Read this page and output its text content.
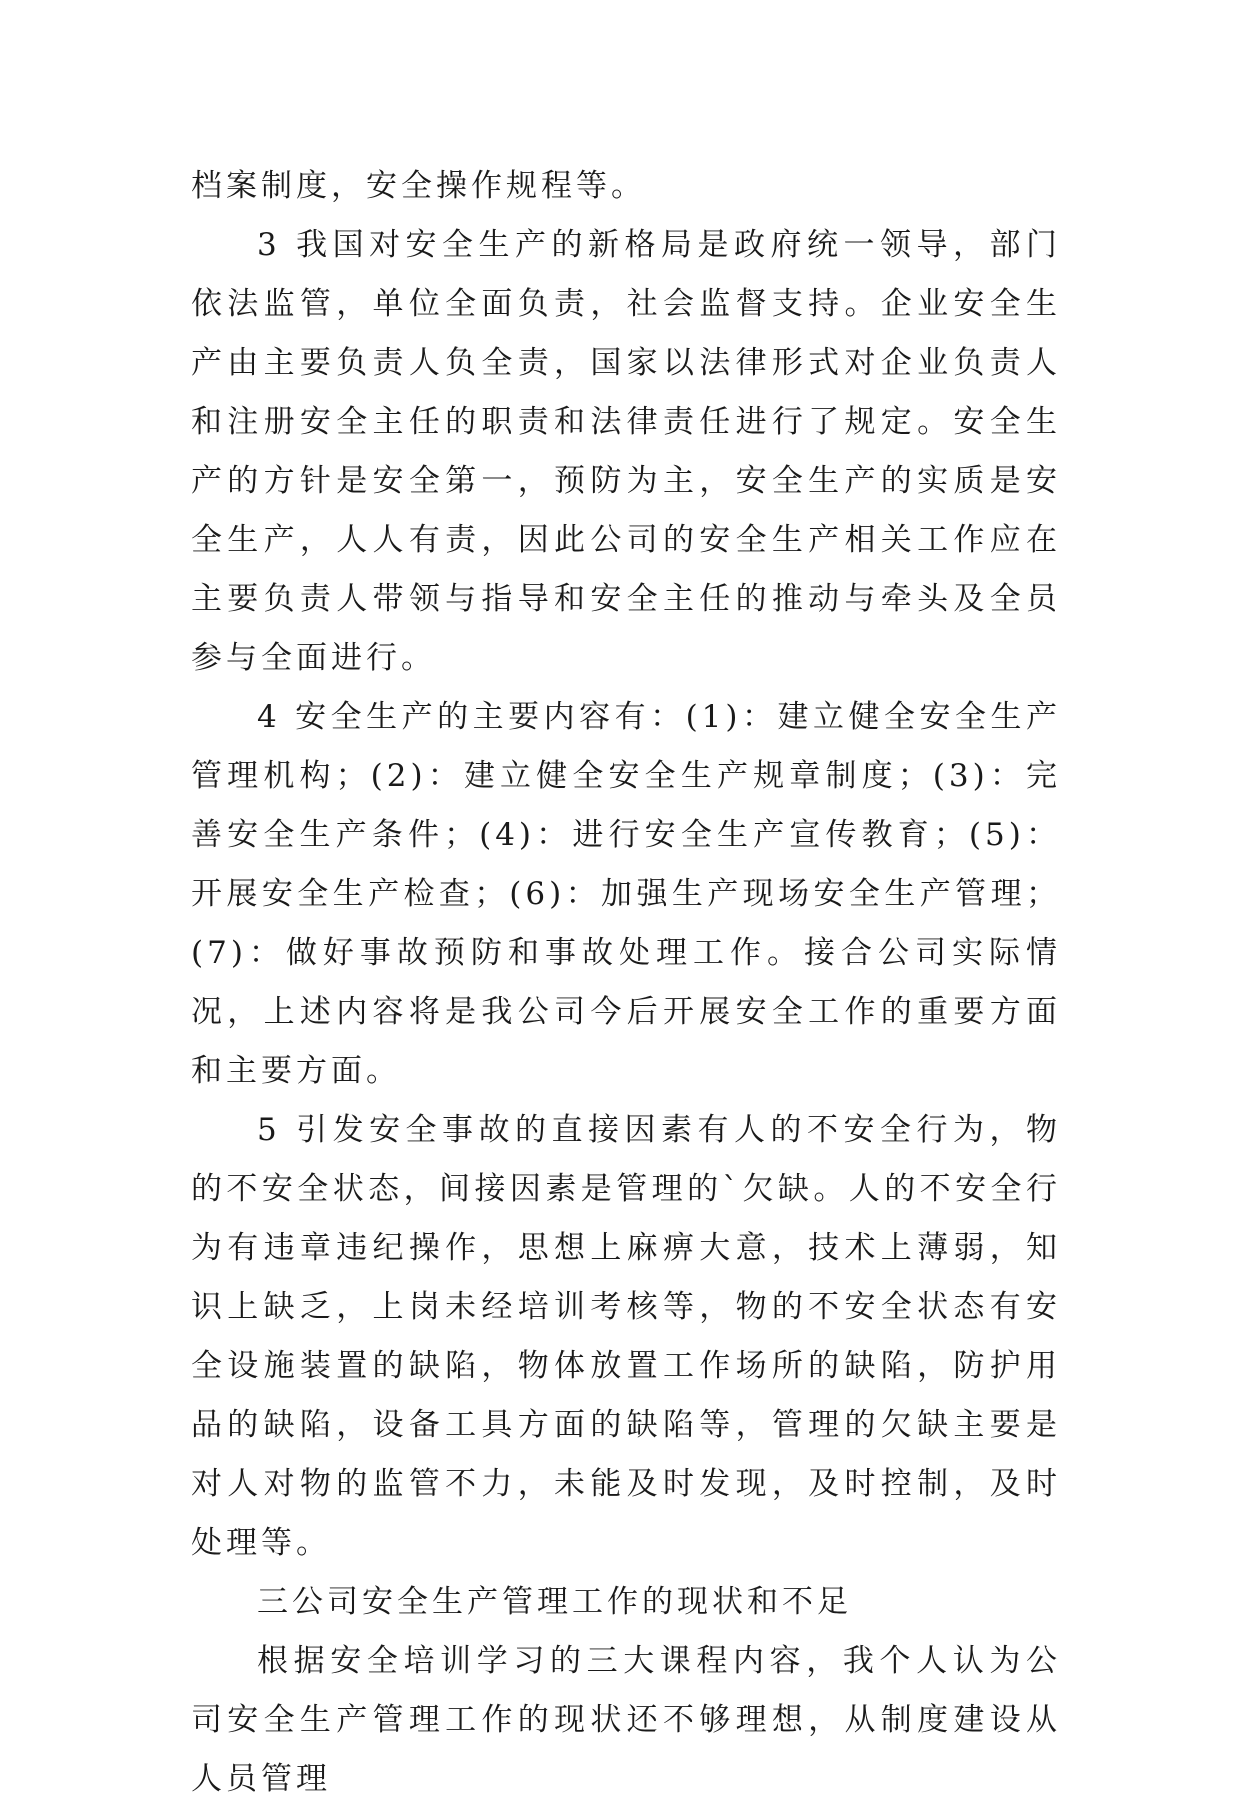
档案制度，安全操作规程等。

3 我国对安全生产的新格局是政府统一领导，部门依法监管，单位全面负责，社会监督支持。企业安全生产由主要负责人负全责，国家以法律形式对企业负责人和注册安全主任的职责和法律责任进行了规定。安全生产的方针是安全第一，预防为主，安全生产的实质是安全生产，人人有责，因此公司的安全生产相关工作应在主要负责人带领与指导和安全主任的推动与牵头及全员参与全面进行。

4 安全生产的主要内容有：(1)：建立健全安全生产管理机构；(2)：建立健全安全生产规章制度；(3)：完善安全生产条件；(4)：进行安全生产宣传教育；(5)：开展安全生产检查；(6)：加强生产现场安全生产管理；(7)：做好事故预防和事故处理工作。接合公司实际情况，上述内容将是我公司今后开展安全工作的重要方面和主要方面。

5 引发安全事故的直接因素有人的不安全行为，物的不安全状态，间接因素是管理的`欠缺。人的不安全行为有违章违纪操作，思想上麻痹大意，技术上薄弱，知识上缺乏，上岗未经培训考核等，物的不安全状态有安全设施装置的缺陷，物体放置工作场所的缺陷，防护用品的缺陷，设备工具方面的缺陷等，管理的欠缺主要是对人对物的监管不力，未能及时发现，及时控制，及时处理等。

三公司安全生产管理工作的现状和不足

根据安全培训学习的三大课程内容，我个人认为公司安全生产管理工作的现状还不够理想，从制度建设从人员管理
